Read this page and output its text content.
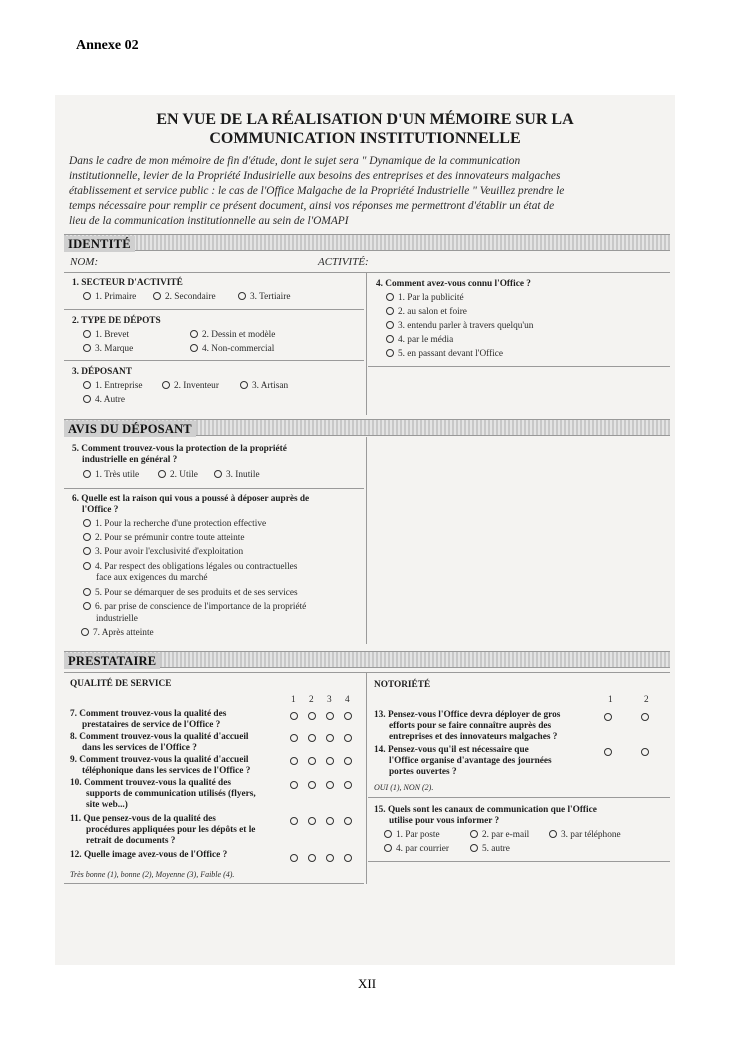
Annexe 02
EN VUE DE LA RÉALISATION D'UN MÉMOIRE SUR LA
COMMUNICATION INSTITUTIONNELLE
Dans le cadre de mon mémoire de fin d'étude, dont le sujet sera " Dynamique de la communication
institutionnelle, levier de la Propriété Indusirielle aux besoins des entreprises et des innovateurs malgaches
établissement et service public : le cas de l'Office Malgache de la Propriété Industrielle " Veuillez prendre le
temps nécessaire pour remplir ce présent document, ainsi vos réponses me permettront d'établir un état de
lieu de la communication institutionnelle au sein de l'OMAPI
IDENTITÉ
NOM:	ACTIVITÉ:
1. SECTEUR D'ACTIVITÉ
1. Primaire	2. Secondaire	3. Tertiaire
2. TYPE DE DÉPOTS
1. Brevet	2. Dessin et modèle
3. Marque	4. Non-commercial
3. DÉPOSANT
1. Entreprise	2. Inventeur	3. Artisan
4. Autre
4. Comment avez-vous connu l'Office ?
1. Par la publicité
2. au salon et foire
3. entendu parler à travers quelqu'un
4. par le média
5. en passant devant l'Office
AVIS DU DÉPOSANT
5. Comment trouvez-vous la protection de la propriété
industrielle en général ?
1. Très utile	2. Utile	3. Inutile
6. Quelle est la raison qui vous a poussé à déposer auprès de
l'Office ?
1. Pour la recherche d'une protection effective
2. Pour se prémunir contre toute atteinte
3. Pour avoir l'exclusivité d'exploitation
4. Par respect des obligations légales ou contractuelles
face aux exigences du marché
5. Pour se démarquer de ses produits et de ses services
6. par prise de conscience de l'importance de la propriété
industrielle
7. Après atteinte
PRESTATAIRE
QUALITÉ DE SERVICE
1 2 3 4
7. Comment trouvez-vous la qualité des
prestataires de service de l'Office ?
8. Comment trouvez-vous la qualité d'accueil
dans les services de l'Office ?
9. Comment trouvez-vous la qualité d'accueil
téléphonique dans les services de l'Office ?
10. Comment trouvez-vous la qualité des
supports de communication utilisés (flyers,
site web...)
11. Que pensez-vous de la qualité des
procédures appliquées pour les dépôts et le
retrait de documents ?
12. Quelle image avez-vous de l'Office ?
Très bonne (1), bonne (2), Moyenne (3), Faible (4).
NOTORIÉTÉ
1	2
13. Pensez-vous l'Office devra déployer de gros
efforts pour se faire connaître auprès des
entreprises et des innovateurs malgaches ?
14. Pensez-vous qu'il est nécessaire que
l'Office organise d'avantage des journées
portes ouvertes ?
OUI (1), NON (2).
15. Quels sont les canaux de communication que l'Office
utilise pour vous informer ?
1. Par poste	2. par e-mail	3. par téléphone
4. par courrier	5. autre
XII
